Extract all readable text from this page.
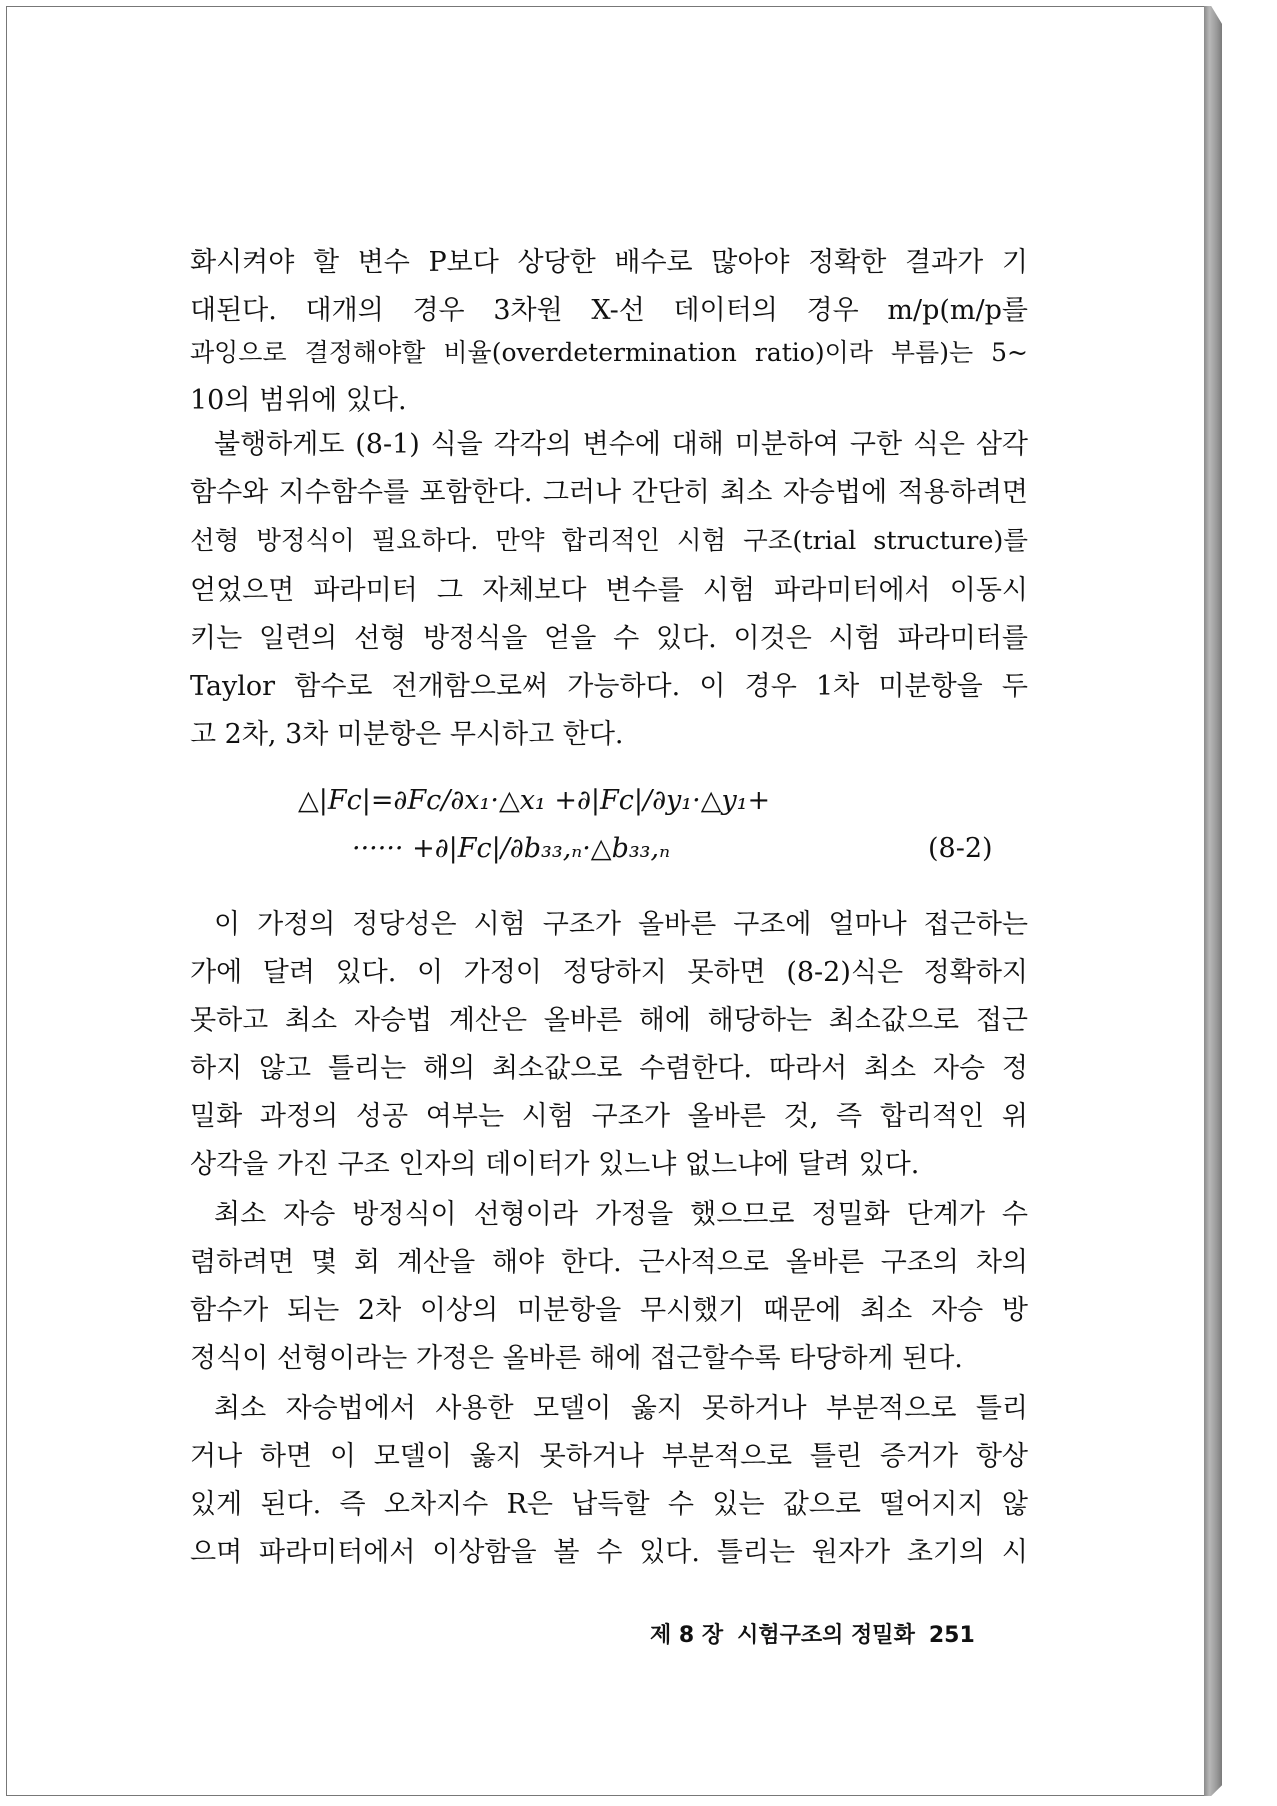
화시켜야 할 변수 P보다 상당한 배수로 많아야 정확한 결과가 기
대된다. 대개의 경우 3차원 X-선 데이터의 경우 m/p(m/p를
과잉으로 결정해야할 비율(overdetermination ratio)이라 부름)는 5~
10의 범위에 있다.
불행하게도 (8-1) 식을 각각의 변수에 대해 미분하여 구한 식은 삼각
함수와 지수함수를 포함한다. 그러나 간단히 최소 자승법에 적용하려면
선형 방정식이 필요하다. 만약 합리적인 시험 구조(trial structure)를
얻었으면 파라미터 그 자체보다 변수를 시험 파라미터에서 이동시
키는 일련의 선형 방정식을 얻을 수 있다. 이것은 시험 파라미터를
Taylor 함수로 전개함으로써 가능하다. 이 경우 1차 미분항을 두
고 2차, 3차 미분항은 무시하고 한다.
△|Fc|=∂Fc/∂x₁·△x₁ +∂|Fc|/∂y₁·△y₁+
······ +∂|Fc|/∂b₃₃,ₙ·△b₃₃,ₙ	(8-2)
이 가정의 정당성은 시험 구조가 올바른 구조에 얼마나 접근하는
가에 달려 있다. 이 가정이 정당하지 못하면 (8-2)식은 정확하지
못하고 최소 자승법 계산은 올바른 해에 해당하는 최소값으로 접근
하지 않고 틀리는 해의 최소값으로 수렴한다. 따라서 최소 자승 정
밀화 과정의 성공 여부는 시험 구조가 올바른 것, 즉 합리적인 위
상각을 가진 구조 인자의 데이터가 있느냐 없느냐에 달려 있다.
최소 자승 방정식이 선형이라 가정을 했으므로 정밀화 단계가 수
렴하려면 몇 회 계산을 해야 한다. 근사적으로 올바른 구조의 차의
함수가 되는 2차 이상의 미분항을 무시했기 때문에 최소 자승 방
정식이 선형이라는 가정은 올바른 해에 접근할수록 타당하게 된다.
최소 자승법에서 사용한 모델이 옳지 못하거나 부분적으로 틀리
거나 하면 이 모델이 옳지 못하거나 부분적으로 틀린 증거가 항상
있게 된다. 즉 오차지수 R은 납득할 수 있는 값으로 떨어지지 않
으며 파라미터에서 이상함을 볼 수 있다. 틀리는 원자가 초기의 시
제 8 장 시험구조의 정밀화 251
